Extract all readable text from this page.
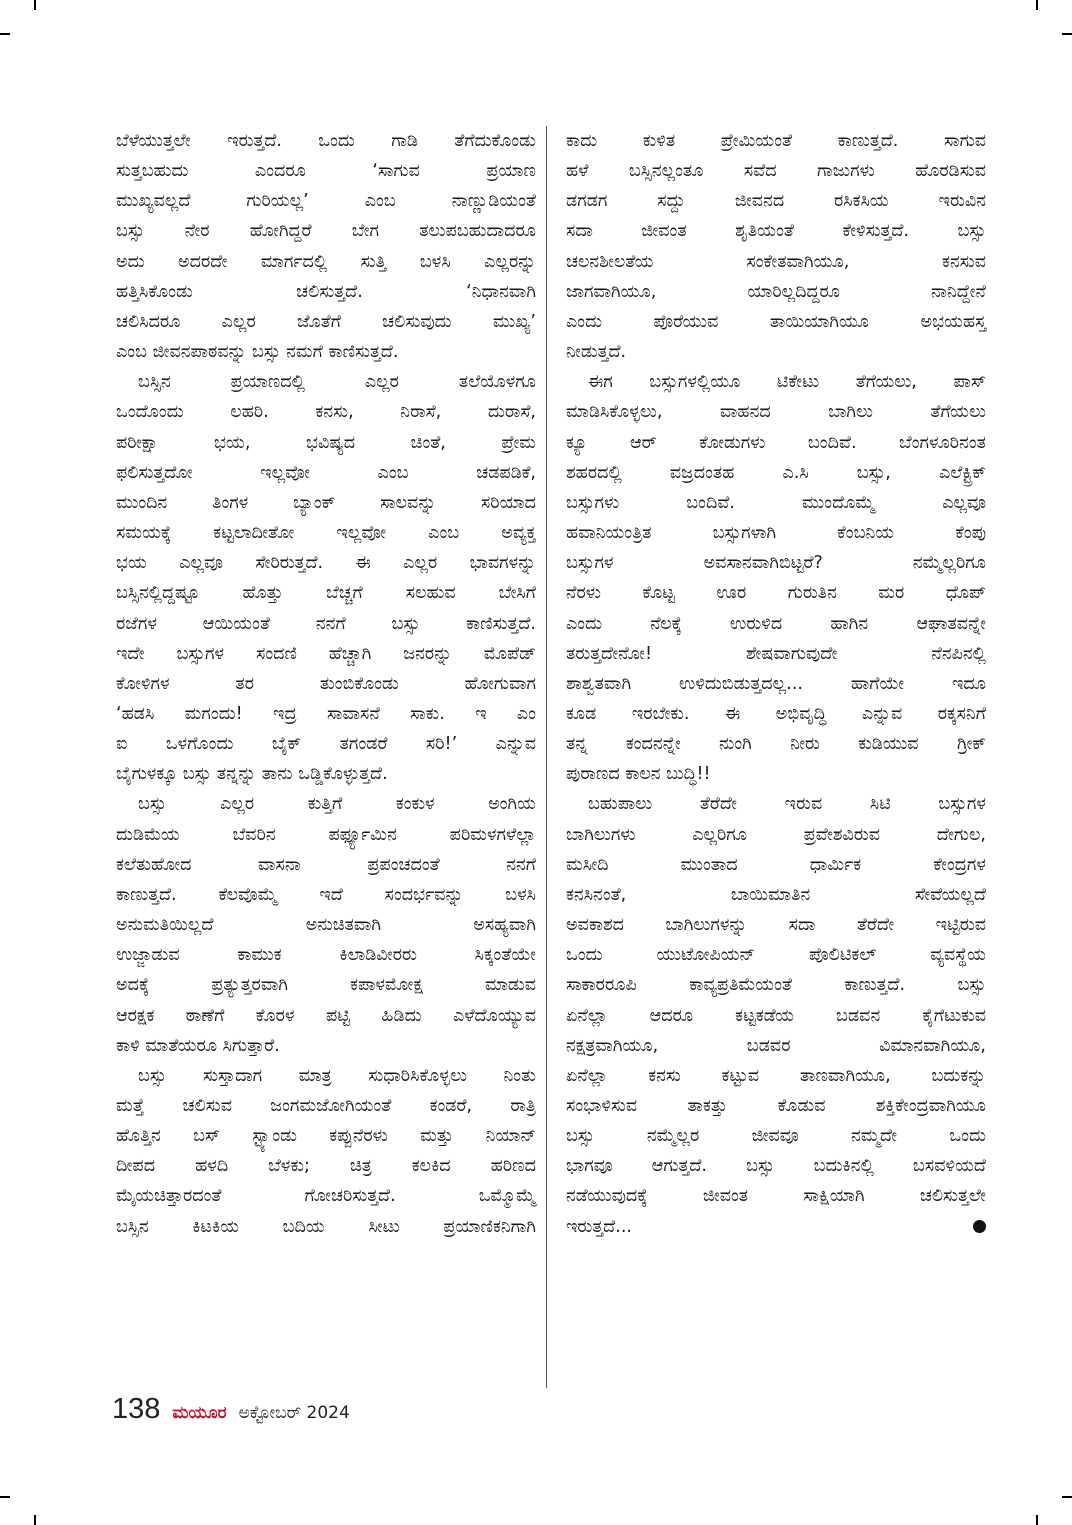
ಬೆಳೆಯುತ್ತಲೇ ಇರುತ್ತದೆ. ಒಂದು ಗಾಡಿ ತೆಗೆದುಕೊಂಡು

ಸುತ್ತಬಹುದು ಎಂದರೂ ‘ಸಾಗುವ ಪ್ರಯಾಣ

ಮುಖ್ಯವಲ್ಲದೆ ಗುರಿಯಲ್ಲ’ ಎಂಬ ನಾಣ್ಣುಡಿಯಂತೆ

ಬಸ್ಸು ನೇರ ಹೋಗಿದ್ದರೆ ಬೇಗ ತಲುಪಬಹುದಾದರೂ

ಅದು ಅದರದೇ ಮಾರ್ಗದಲ್ಲಿ ಸುತ್ತಿ ಬಳಸಿ ಎಲ್ಲರನ್ನು

ಹತ್ತಿಸಿಕೊಂಡು ಚಲಿಸುತ್ತದೆ. ‘ನಿಧಾನವಾಗಿ

ಚಲಿಸಿದರೂ ಎಲ್ಲರ ಜೊತೆಗೆ ಚಲಿಸುವುದು ಮುಖ್ಯ’

ಎಂಬ ಜೀವನಪಾಠವನ್ನು ಬಸ್ಸು ನಮಗೆ ಕಾಣಿಸುತ್ತದೆ.

ಬಸ್ಸಿನ ಪ್ರಯಾಣದಲ್ಲಿ ಎಲ್ಲರ ತಲೆಯೊಳಗೂ

ಒಂದೊಂದು ಲಹರಿ. ಕನಸು, ನಿರಾಸೆ, ದುರಾಸೆ,

ಪರೀಕ್ಷಾ ಭಯ, ಭವಿಷ್ಯದ ಚಿಂತೆ, ಪ್ರೇಮ

ಫಲಿಸುತ್ತದೋ ಇಲ್ಲವೋ ಎಂಬ ಚಡಪಡಿಕೆ,

ಮುಂದಿನ ತಿಂಗಳ ಬ್ಯಾಂಕ್ ಸಾಲವನ್ನು ಸರಿಯಾದ

ಸಮಯಕ್ಕೆ ಕಟ್ಟಲಾದೀತೋ ಇಲ್ಲವೋ ಎಂಬ ಅವ್ಯಕ್ತ

ಭಯ ಎಲ್ಲವೂ ಸೇರಿರುತ್ತದೆ. ಈ ಎಲ್ಲರ ಭಾವಗಳನ್ನು

ಬಸ್ಸಿನಲ್ಲಿದ್ದಷ್ಟೂ ಹೊತ್ತು ಬೆಚ್ಚಗೆ ಸಲಹುವ ಬೇಸಿಗೆ

ರಜೆಗಳ ಆಯಿಯಂತೆ ನನಗೆ ಬಸ್ಸು ಕಾಣಿಸುತ್ತದೆ.

ಇದೇ ಬಸ್ಸುಗಳ ಸಂದಣಿ ಹೆಚ್ಚಾಗಿ ಜನರನ್ನು ಮೊಪೆಡ್

ಕೋಳಿಗಳ ತರ ತುಂಬಿಕೊಂಡು ಹೋಗುವಾಗ

‘ಹಡಸಿ ಮಗಂದು! ಇದ್ರ ಸಾವಾಸನೆ ಸಾಕು. ಇ ಎಂ

ಐ ಒಳಗೊಂದು ಬೈಕ್ ತಗಂಡರೆ ಸರಿ!’ ಎನ್ನುವ

ಬೈಗುಳಕ್ಕೂ ಬಸ್ಸು ತನ್ನನ್ನು ತಾನು ಒಡ್ಡಿಕೊಳ್ಳುತ್ತದೆ.

ಬಸ್ಸು ಎಲ್ಲರ ಕುತ್ತಿಗೆ ಕಂಕುಳ ಅಂಗಿಯ

ದುಡಿಮೆಯ ಬೆವರಿನ ಪರ್ಫ್ಯೂಮಿನ ಪರಿಮಳಗಳೆಲ್ಲಾ

ಕಲೆತುಹೋದ ವಾಸನಾ ಪ್ರಪಂಚದಂತೆ ನನಗೆ

ಕಾಣುತ್ತದೆ. ಕೆಲವೊಮ್ಮೆ ಇದೆ ಸಂದರ್ಭವನ್ನು ಬಳಸಿ

ಅನುಮತಿಯಿಲ್ಲದೆ ಅನುಚಿತವಾಗಿ ಅಸಹ್ಯವಾಗಿ

ಉಜ್ಜಾಡುವ ಕಾಮುಕ ಕಿಲಾಡಿವೀರರು ಸಿಕ್ಕಂತೆಯೇ

ಅದಕ್ಕೆ ಪ್ರತ್ಯುತ್ತರವಾಗಿ ಕಪಾಳಮೋಕ್ಷ ಮಾಡುವ

ಆರಕ್ಷಕ ಠಾಣೆಗೆ ಕೊರಳ ಪಟ್ಟಿ ಹಿಡಿದು ಎಳೆದೊಯ್ಯುವ

ಕಾಳಿ ಮಾತೆಯರೂ ಸಿಗುತ್ತಾರೆ.

ಬಸ್ಸು ಸುಸ್ತಾದಾಗ ಮಾತ್ರ ಸುಧಾರಿಸಿಕೊಳ್ಳಲು ನಿಂತು

ಮತ್ತೆ ಚಲಿಸುವ ಜಂಗಮಜೋಗಿಯಂತೆ ಕಂಡರೆ, ರಾತ್ರಿ

ಹೊತ್ತಿನ ಬಸ್ ಸ್ಟ್ಯಾಂಡು ಕಪ್ಪುನೆರಳು ಮತ್ತು ನಿಯಾನ್

ದೀಪದ ಹಳದಿ ಬೆಳಕು; ಚಿತ್ರ ಕಲಕಿದ ಹರಿಣದ

ಮೈಯಚಿತ್ತಾರದಂತೆ ಗೋಚರಿಸುತ್ತದೆ. ಒಮ್ಮೊಮ್ಮೆ

ಬಸ್ಸಿನ ಕಿಟಕಿಯ ಬದಿಯ ಸೀಟು ಪ್ರಯಾಣಿಕನಿಗಾಗಿ

ಕಾದು ಕುಳಿತ ಪ್ರೇಮಿಯಂತೆ ಕಾಣುತ್ತದೆ. ಸಾಗುವ

ಹಳೆ ಬಸ್ಸಿನಲ್ಲಂತೂ ಸವೆದ ಗಾಜುಗಳು ಹೊರಡಿಸುವ

ಡಗಡಗ ಸದ್ದು ಜೀವನದ ರಸಿಕಸಿಯ ಇರುವಿನ

ಸದಾ ಜೀವಂತ ಶೃತಿಯಂತೆ ಕೇಳಿಸುತ್ತದೆ. ಬಸ್ಸು

ಚಲನಶೀಲತೆಯ ಸಂಕೇತವಾಗಿಯೂ, ಕನಸುವ

ಜಾಗವಾಗಿಯೂ, ಯಾರಿಲ್ಲದಿದ್ದರೂ ನಾನಿದ್ದೇನೆ

ಎಂದು ಪೊರೆಯುವ ತಾಯಿಯಾಗಿಯೂ ಅಭಯಹಸ್ತ

ನೀಡುತ್ತದೆ.

ಈಗ ಬಸ್ಸುಗಳಲ್ಲಿಯೂ ಟಿಕೇಟು ತೆಗೆಯಲು, ಪಾಸ್

ಮಾಡಿಸಿಕೊಳ್ಳಲು, ವಾಹನದ ಬಾಗಿಲು ತೆಗೆಯಲು

ಕ್ಯೂ ಆರ್ ಕೋಡುಗಳು ಬಂದಿವೆ. ಬೆಂಗಳೂರಿನಂತ

ಶಹರದಲ್ಲಿ ವಜ್ರದಂತಹ ಎ.ಸಿ ಬಸ್ಸು, ಎಲೆಕ್ಟ್ರಿಕ್

ಬಸ್ಸುಗಳು ಬಂದಿವೆ. ಮುಂದೊಮ್ಮೆ ಎಲ್ಲವೂ

ಹವಾನಿಯಂತ್ರಿತ ಬಸ್ಸುಗಳಾಗಿ ಕೆಂಬನಿಯ ಕೆಂಪು

ಬಸ್ಸುಗಳ ಅವಸಾನವಾಗಿಬಿಟ್ಟರೆ? ನಮ್ಮೆಲ್ಲರಿಗೂ

ನೆರಳು ಕೊಟ್ಟ ಊರ ಗುರುತಿನ ಮರ ಧೊಪ್

ಎಂದು ನೆಲಕ್ಕೆ ಉರುಳಿದ ಹಾಗಿನ ಆಘಾತವನ್ನೇ

ತರುತ್ತದೇನೋ! ಶೇಷವಾಗುವುದೇ ನೆನಪಿನಲ್ಲಿ

ಶಾಶ್ವತವಾಗಿ ಉಳಿದುಬಿಡುತ್ತದಲ್ಲ... ಹಾಗೆಯೇ ಇದೂ

ಕೂಡ ಇರಬೇಕು. ಈ ಅಭಿವೃದ್ಧಿ ಎನ್ನುವ ರಕ್ಕಸನಿಗೆ

ತನ್ನ ಕಂದನನ್ನೇ ನುಂಗಿ ನೀರು ಕುಡಿಯುವ ಗ್ರೀಕ್

ಪುರಾಣದ ಕಾಲನ ಬುದ್ಧಿ!!

ಬಹುಪಾಲು ತೆರೆದೇ ಇರುವ ಸಿಟಿ ಬಸ್ಸುಗಳ

ಬಾಗಿಲುಗಳು ಎಲ್ಲರಿಗೂ ಪ್ರವೇಶವಿರುವ ದೇಗುಲ,

ಮಸೀದಿ ಮುಂತಾದ ಧಾರ್ಮಿಕ ಕೇಂದ್ರಗಳ

ಕನಸಿನಂತೆ, ಬಾಯಿಮಾತಿನ ಸೇವೆಯಲ್ಲದೆ

ಅವಕಾಶದ ಬಾಗಿಲುಗಳನ್ನು ಸದಾ ತೆರೆದೇ ಇಟ್ಟಿರುವ

ಒಂದು ಯುಟೋಪಿಯನ್ ಪೊಲಿಟಿಕಲ್ ವ್ಯವಸ್ಥೆಯ

ಸಾಕಾರರೂಪಿ ಕಾವ್ಯಪ್ರತಿಮೆಯಂತೆ ಕಾಣುತ್ತದೆ. ಬಸ್ಸು

ಏನೆಲ್ಲಾ ಆದರೂ ಕಟ್ಟಕಡೆಯ ಬಡವನ ಕೈಗೆಟುಕುವ

ನಕ್ಷತ್ರವಾಗಿಯೂ, ಬಡವರ ವಿಮಾನವಾಗಿಯೂ,

ಏನೆಲ್ಲಾ ಕನಸು ಕಟ್ಟುವ ತಾಣವಾಗಿಯೂ, ಬದುಕನ್ನು

ಸಂಭಾಳಿಸುವ ತಾಕತ್ತು ಕೊಡುವ ಶಕ್ತಿಕೇಂದ್ರವಾಗಿಯೂ

ಬಸ್ಸು ನಮ್ಮೆಲ್ಲರ ಜೀವವೂ ನಮ್ಮದೇ ಒಂದು

ಭಾಗವೂ ಆಗುತ್ತದೆ. ಬಸ್ಸು ಬದುಕಿನಲ್ಲಿ ಬಸವಳಿಯದೆ

ನಡೆಯುವುದಕ್ಕೆ ಜೀವಂತ ಸಾಕ್ಷಿಯಾಗಿ ಚಲಿಸುತ್ತಲೇ

ಇರುತ್ತದೆ...

138 ಮಯೂರ ಅಕ್ಟೋಬರ್ 2024
